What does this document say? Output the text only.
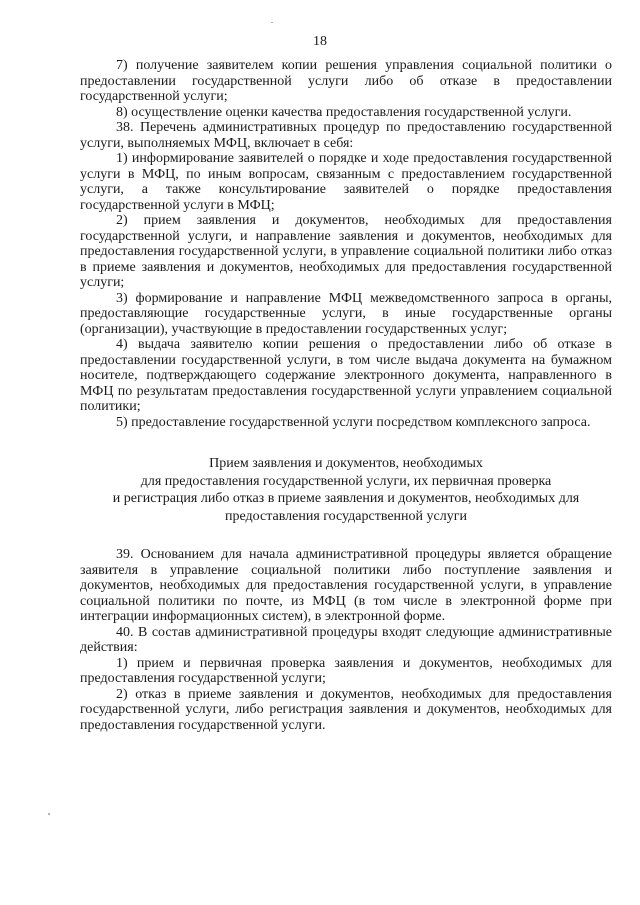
18

7) получение заявителем копии решения управления социальной политики о предоставлении государственной услуги либо об отказе в предоставлении государственной услуги;

8) осуществление оценки качества предоставления государственной услуги.

38. Перечень административных процедур по предоставлению государственной услуги, выполняемых МФЦ, включает в себя:

1) информирование заявителей о порядке и ходе предоставления государственной услуги в МФЦ, по иным вопросам, связанным с предоставлением государственной услуги, а также консультирование заявителей о порядке предоставления государственной услуги в МФЦ;

2) прием заявления и документов, необходимых для предоставления государственной услуги, и направление заявления и документов, необходимых для предоставления государственной услуги, в управление социальной политики либо отказ в приеме заявления и документов, необходимых для предоставления государственной услуги;

3) формирование и направление МФЦ межведомственного запроса в органы, предоставляющие государственные услуги, в иные государственные органы (организации), участвующие в предоставлении государственных услуг;

4) выдача заявителю копии решения о предоставлении либо об отказе в предоставлении государственной услуги, в том числе выдача документа на бумажном носителе, подтверждающего содержание электронного документа, направленного в МФЦ по результатам предоставления государственной услуги управлением социальной политики;

5) предоставление государственной услуги посредством комплексного запроса.

Прием заявления и документов, необходимых
для предоставления государственной услуги, их первичная проверка
и регистрация либо отказ в приеме заявления и документов, необходимых для
предоставления государственной услуги

39. Основанием для начала административной процедуры является обращение заявителя в управление социальной политики либо поступление заявления и документов, необходимых для предоставления государственной услуги, в управление социальной политики по почте, из МФЦ (в том числе в электронной форме при интеграции информационных систем), в электронной форме.

40. В состав административной процедуры входят следующие административные действия:

1) прием и первичная проверка заявления и документов, необходимых для предоставления государственной услуги;

2) отказ в приеме заявления и документов, необходимых для предоставления государственной услуги, либо регистрация заявления и документов, необходимых для предоставления государственной услуги.
